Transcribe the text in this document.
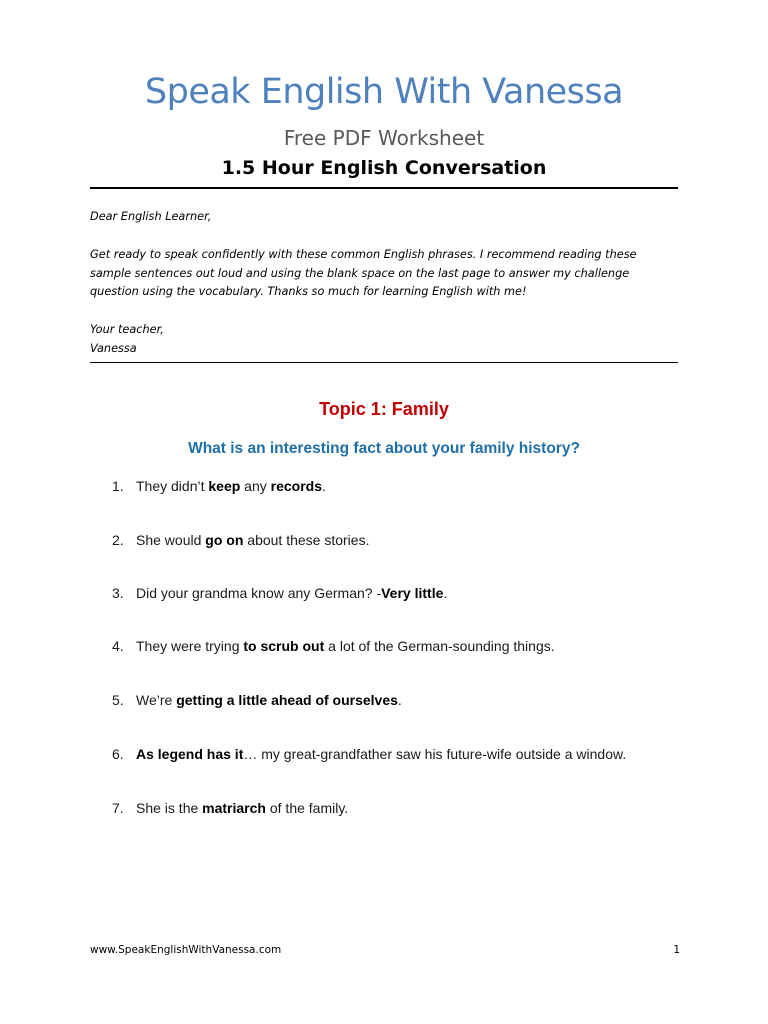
Speak English With Vanessa
Free PDF Worksheet
1.5 Hour English Conversation

Dear English Learner,

Get ready to speak confidently with these common English phrases. I recommend reading these sample sentences out loud and using the blank space on the last page to answer my challenge question using the vocabulary. Thanks so much for learning English with me!

Your teacher,

Vanessa

Topic 1: Family
What is an interesting fact about your family history?
1. They didn’t keep any records.
2. She would go on about these stories.
3. Did your grandma know any German? -Very little.
4. They were trying to scrub out a lot of the German-sounding things.
5. We’re getting a little ahead of ourselves.
6. As legend has it… my great-grandfather saw his future-wife outside a window.
7. She is the matriarch of the family.
www.SpeakEnglishWithVanessa.com	1
